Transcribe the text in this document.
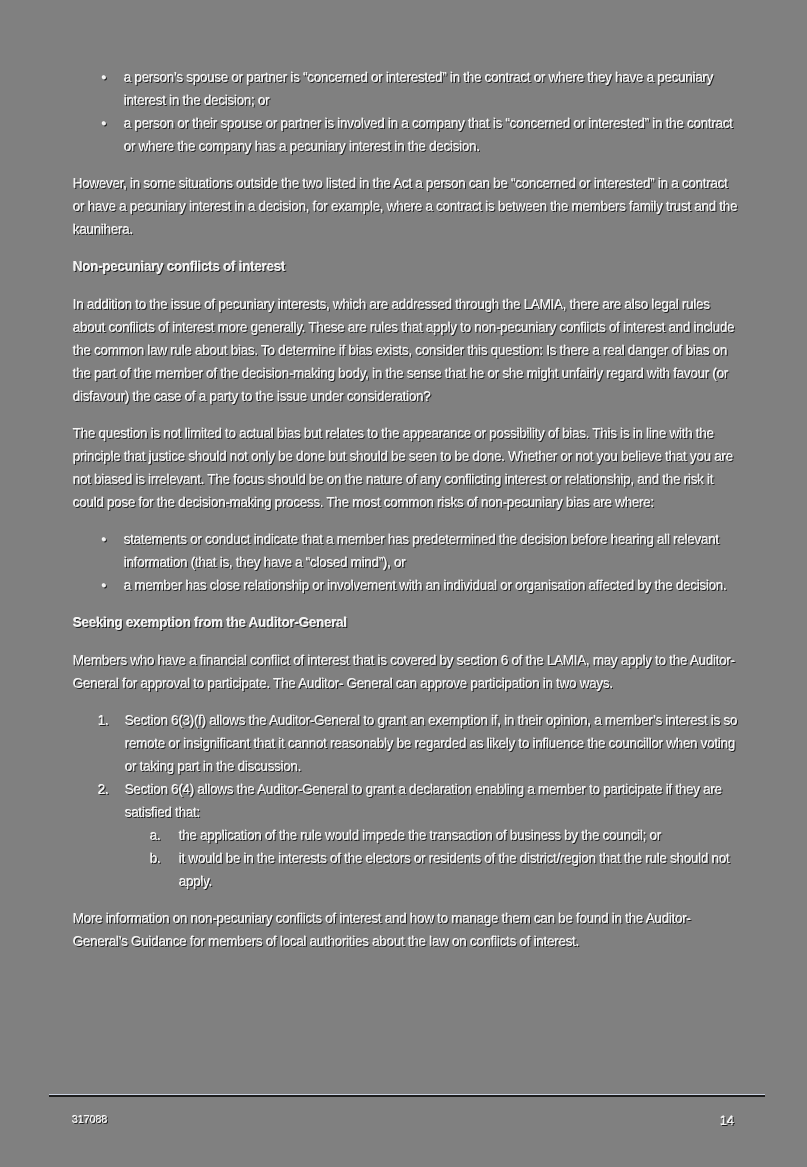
• a person’s spouse or partner is “concerned or interested” in the contract or where they have a pecuniary interest in the decision; or
• a person or their spouse or partner is involved in a company that is “concerned or interested” in the contract or where the company has a pecuniary interest in the decision.

However, in some situations outside the two listed in the Act a person can be “concerned or interested” in a contract or have a pecuniary interest in a decision, for example, where a contract is between the members family trust and the kaunihera.

Non-pecuniary conflicts of interest

In addition to the issue of pecuniary interests, which are addressed through the LAMIA, there are also legal rules about conflicts of interest more generally. These are rules that apply to non-pecuniary conflicts of interest and include the common law rule about bias. To determine if bias exists, consider this question: Is there a real danger of bias on the part of the member of the decision-making body, in the sense that he or she might unfairly regard with favour (or disfavour) the case of a party to the issue under consideration?

The question is not limited to actual bias but relates to the appearance or possibility of bias. This is in line with the principle that justice should not only be done but should be seen to be done. Whether or not you believe that you are not biased is irrelevant. The focus should be on the nature of any conflicting interest or relationship, and the risk it could pose for the decision-making process. The most common risks of non-pecuniary bias are where:

• statements or conduct indicate that a member has predetermined the decision before hearing all relevant information (that is, they have a “closed mind”), or
• a member has close relationship or involvement with an individual or organisation affected by the decision.

Seeking exemption from the Auditor-General

Members who have a financial conflict of interest that is covered by section 6 of the LAMIA, may apply to the Auditor-General for approval to participate. The Auditor- General can approve participation in two ways.

1. Section 6(3)(f) allows the Auditor-General to grant an exemption if, in their opinion, a member’s interest is so remote or insignificant that it cannot reasonably be regarded as likely to influence the councillor when voting or taking part in the discussion.
2. Section 6(4) allows the Auditor-General to grant a declaration enabling a member to participate if they are satisfied that:
a. the application of the rule would impede the transaction of business by the council; or
b. it would be in the interests of the electors or residents of the district/region that the rule should not apply.

More information on non-pecuniary conflicts of interest and how to manage them can be found in the Auditor-General’s Guidance for members of local authorities about the law on conflicts of interest.

317088	14
